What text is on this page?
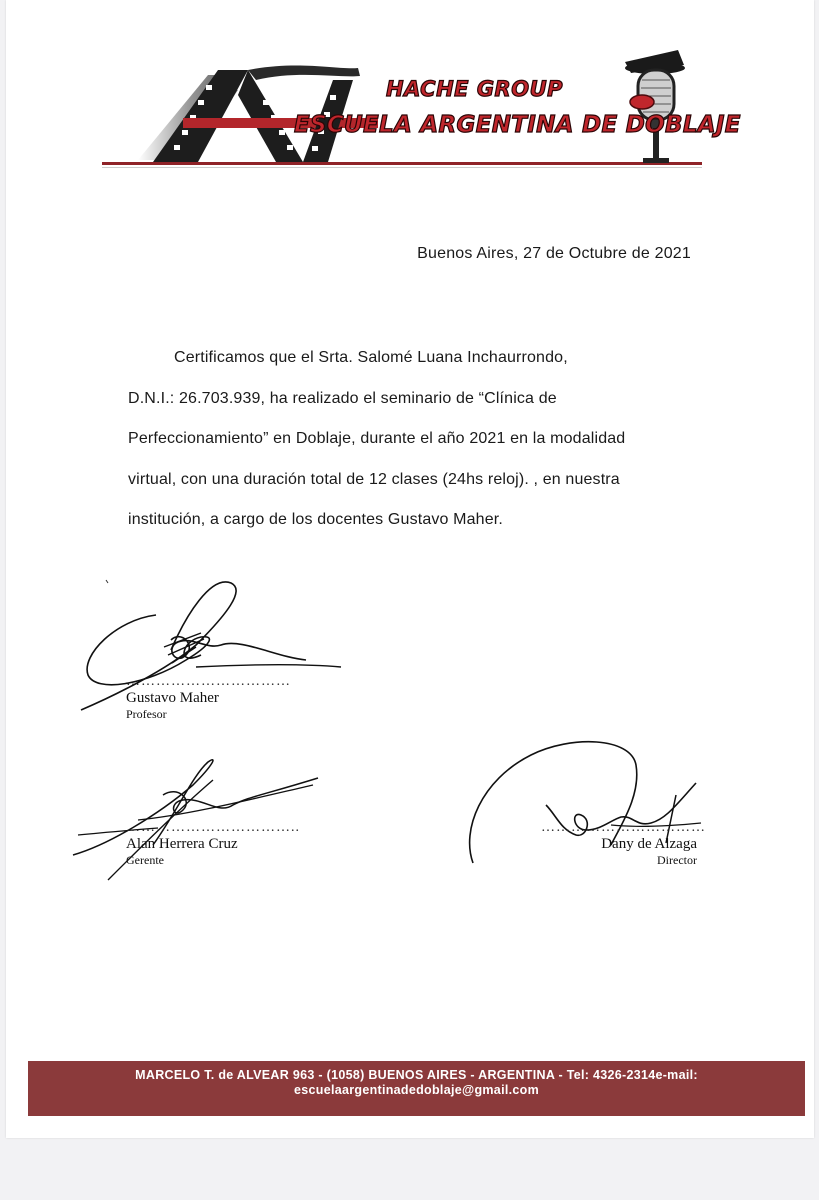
HACHE GROUP
ESCUELA ARGENTINA DE DOBLAJE
Buenos Aires, 27 de Octubre de 2021

Certificamos que el Srta. Salomé Luana Inchaurrondo,

D.N.I.: 26.703.939, ha realizado el seminario de “Clínica de

Perfeccionamiento” en Doblaje, durante el año 2021 en la modalidad

virtual, con una duración total de 12 clases (24hs reloj). , en nuestra

institución, a cargo de los docentes Gustavo Maher.

……………………………
Gustavo Maher
Profesor
……………………………..
Alan Herrera Cruz
Gerente
……………………………
Dany de Alzaga
Director
MARCELO T. de ALVEAR 963 - (1058) BUENOS AIRES - ARGENTINA - Tel: 4326-2314e-mail:
escuelaargentinadedoblaje@gmail.com
